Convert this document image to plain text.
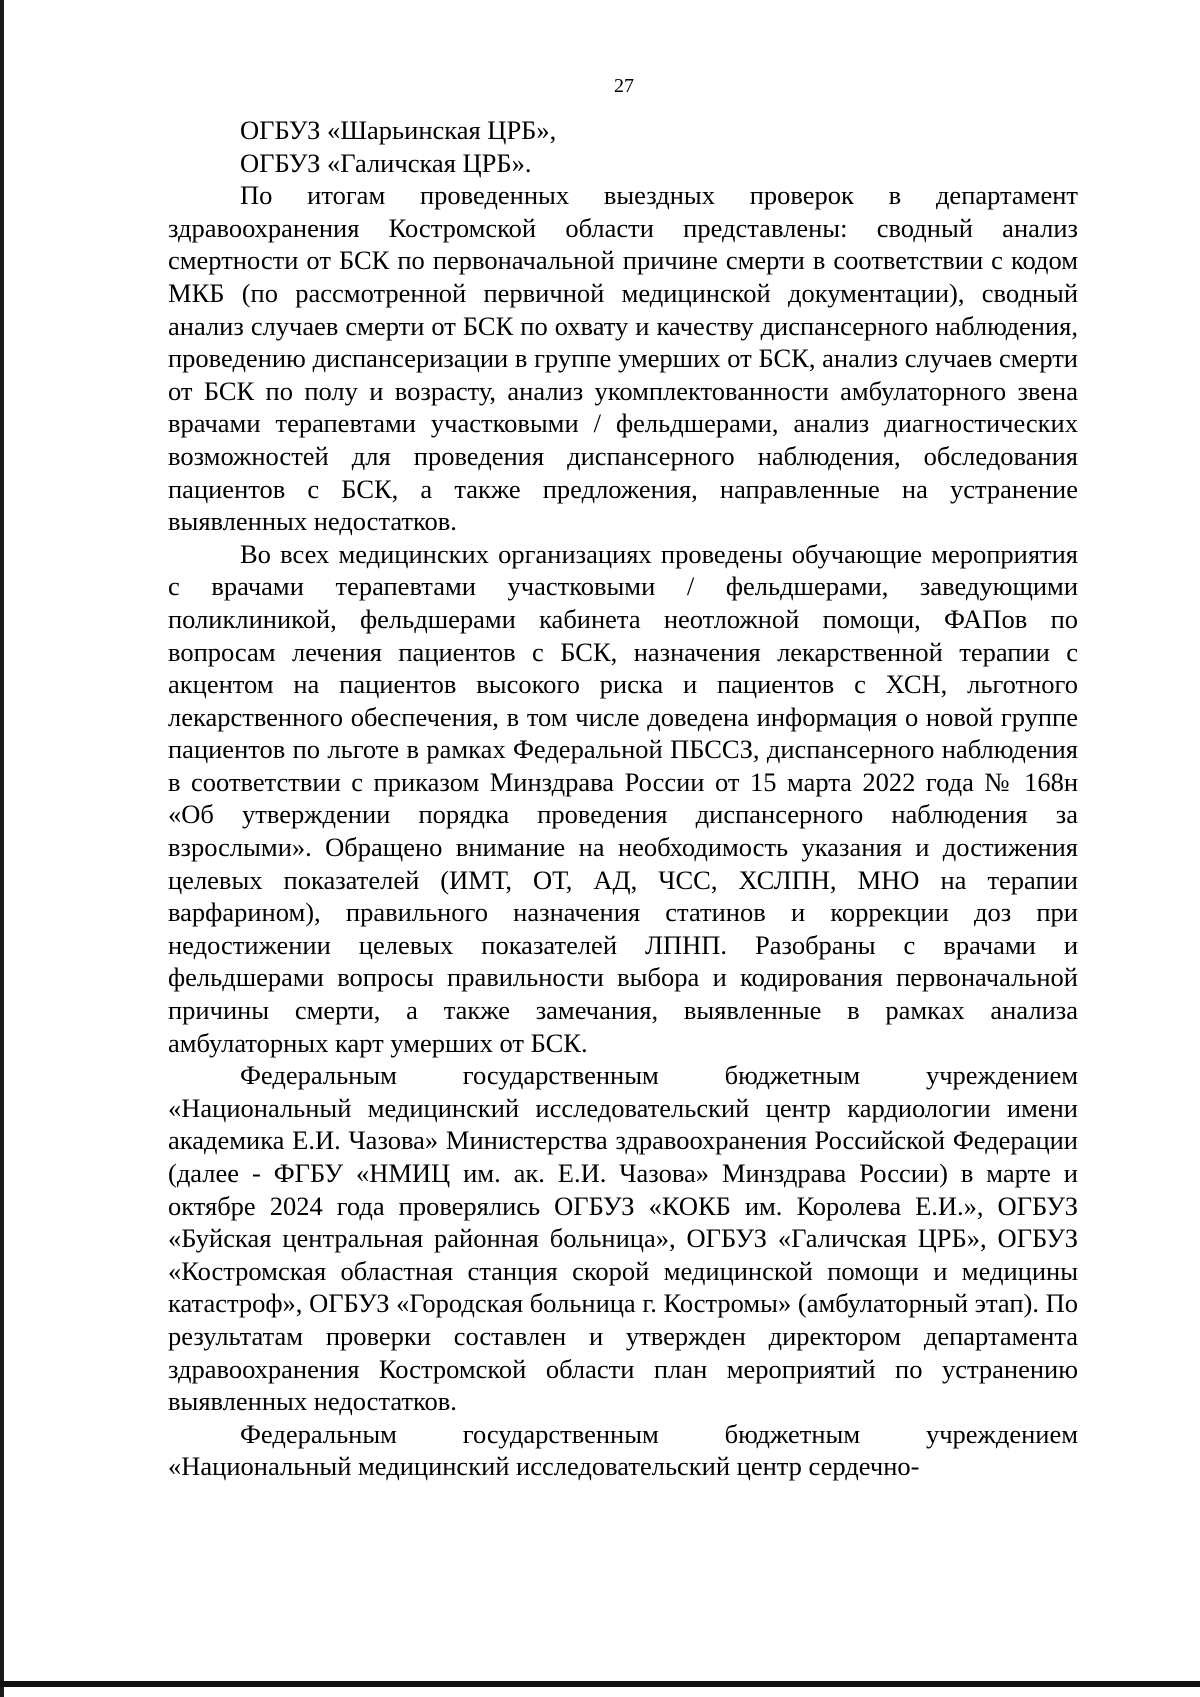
27

ОГБУЗ «Шарьинская ЦРБ»,

ОГБУЗ «Галичская ЦРБ».

По итогам проведенных выездных проверок в департамент здравоохранения Костромской области представлены: сводный анализ смертности от БСК по первоначальной причине смерти в соответствии с кодом МКБ (по рассмотренной первичной медицинской документации), сводный анализ случаев смерти от БСК по охвату и качеству диспансерного наблюдения, проведению диспансеризации в группе умерших от БСК, анализ случаев смерти от БСК по полу и возрасту, анализ укомплектованности амбулаторного звена врачами терапевтами участковыми / фельдшерами, анализ диагностических возможностей для проведения диспансерного наблюдения, обследования пациентов с БСК, а также предложения, направленные на устранение выявленных недостатков.

Во всех медицинских организациях проведены обучающие мероприятия с врачами терапевтами участковыми / фельдшерами, заведующими поликлиникой, фельдшерами кабинета неотложной помощи, ФАПов по вопросам лечения пациентов с БСК, назначения лекарственной терапии с акцентом на пациентов высокого риска и пациентов с ХСН, льготного лекарственного обеспечения, в том числе доведена информация о новой группе пациентов по льготе в рамках Федеральной ПБССЗ, диспансерного наблюдения в соответствии с приказом Минздрава России от 15 марта 2022 года № 168н «Об утверждении порядка проведения диспансерного наблюдения за взрослыми». Обращено внимание на необходимость указания и достижения целевых показателей (ИМТ, ОТ, АД, ЧСС, ХСЛПН, МНО на терапии варфарином), правильного назначения статинов и коррекции доз при недостижении целевых показателей ЛПНП. Разобраны с врачами и фельдшерами вопросы правильности выбора и кодирования первоначальной причины смерти, а также замечания, выявленные в рамках анализа амбулаторных карт умерших от БСК.

Федеральным государственным бюджетным учреждением «Национальный медицинский исследовательский центр кардиологии имени академика Е.И. Чазова» Министерства здравоохранения Российской Федерации (далее - ФГБУ «НМИЦ им. ак. Е.И. Чазова» Минздрава России) в марте и октябре 2024 года проверялись ОГБУЗ «КОКБ им. Королева Е.И.», ОГБУЗ «Буйская центральная районная больница», ОГБУЗ «Галичская ЦРБ», ОГБУЗ «Костромская областная станция скорой медицинской помощи и медицины катастроф», ОГБУЗ «Городская больница г. Костромы» (амбулаторный этап). По результатам проверки составлен и утвержден директором департамента здравоохранения Костромской области план мероприятий по устранению выявленных недостатков.

Федеральным государственным бюджетным учреждением «Национальный медицинский исследовательский центр сердечно-
